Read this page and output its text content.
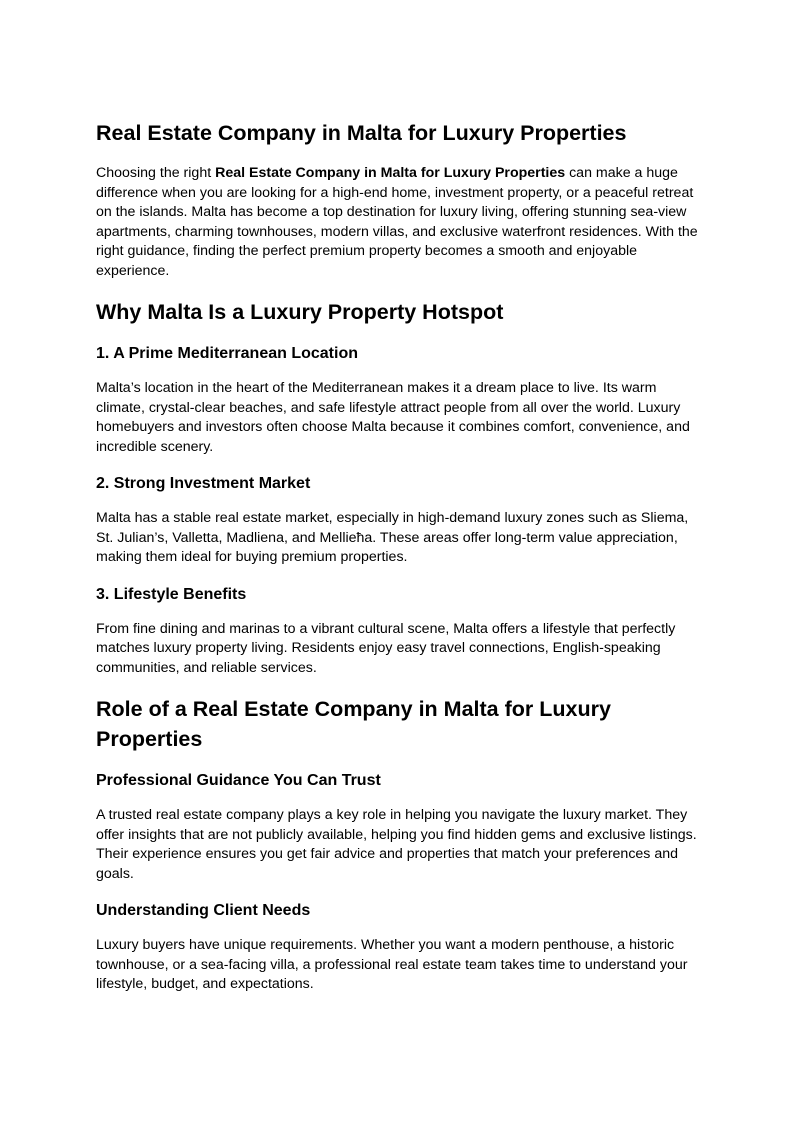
Real Estate Company in Malta for Luxury Properties

Choosing the right Real Estate Company in Malta for Luxury Properties can make a huge difference when you are looking for a high-end home, investment property, or a peaceful retreat on the islands. Malta has become a top destination for luxury living, offering stunning sea-view apartments, charming townhouses, modern villas, and exclusive waterfront residences. With the right guidance, finding the perfect premium property becomes a smooth and enjoyable experience.

Why Malta Is a Luxury Property Hotspot
1. A Prime Mediterranean Location

Malta’s location in the heart of the Mediterranean makes it a dream place to live. Its warm climate, crystal-clear beaches, and safe lifestyle attract people from all over the world. Luxury homebuyers and investors often choose Malta because it combines comfort, convenience, and incredible scenery.

2. Strong Investment Market

Malta has a stable real estate market, especially in high-demand luxury zones such as Sliema, St. Julian’s, Valletta, Madliena, and Mellieħa. These areas offer long-term value appreciation, making them ideal for buying premium properties.

3. Lifestyle Benefits

From fine dining and marinas to a vibrant cultural scene, Malta offers a lifestyle that perfectly matches luxury property living. Residents enjoy easy travel connections, English-speaking communities, and reliable services.

Role of a Real Estate Company in Malta for Luxury Properties
Professional Guidance You Can Trust

A trusted real estate company plays a key role in helping you navigate the luxury market. They offer insights that are not publicly available, helping you find hidden gems and exclusive listings. Their experience ensures you get fair advice and properties that match your preferences and goals.

Understanding Client Needs

Luxury buyers have unique requirements. Whether you want a modern penthouse, a historic townhouse, or a sea-facing villa, a professional real estate team takes time to understand your lifestyle, budget, and expectations.
